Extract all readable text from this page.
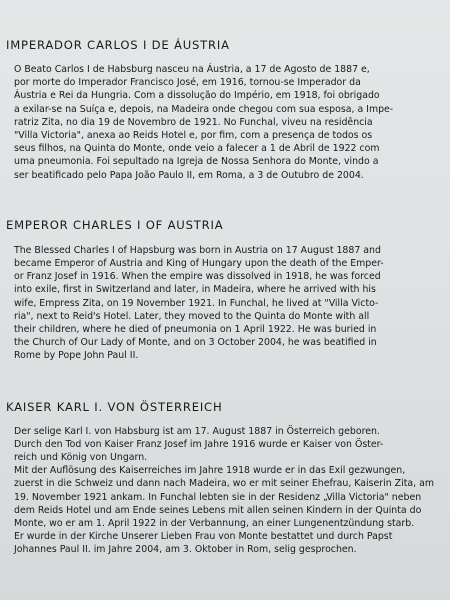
IMPERADOR CARLOS I DE ÁUSTRIA

O Beato Carlos I de Habsburg nasceu na Áustria, a 17 de Agosto de 1887 e,
por morte do Imperador Francisco José, em 1916, tornou-se Imperador da
Áustria e Rei da Hungria. Com a dissolução do Império, em 1918, foi obrigado
a exilar-se na Suíça e, depois, na Madeira onde chegou com sua esposa, a Impe-
ratriz Zita, no dia 19 de Novembro de 1921. No Funchal, viveu na residência
"Villa Victoria", anexa ao Reids Hotel e, por fim, com a presença de todos os
seus filhos, na Quinta do Monte, onde veio a falecer a 1 de Abril de 1922 com
uma pneumonia. Foi sepultado na Igreja de Nossa Senhora do Monte, vindo a
ser beatificado pelo Papa João Paulo II, em Roma, a 3 de Outubro de 2004.

EMPEROR CHARLES I OF AUSTRIA

The Blessed Charles I of Hapsburg was born in Austria on 17 August 1887 and
became Emperor of Austria and King of Hungary upon the death of the Emper-
or Franz Josef in 1916. When the empire was dissolved in 1918, he was forced
into exile, first in Switzerland and later, in Madeira, where he arrived with his
wife, Empress Zita, on 19 November 1921. In Funchal, he lived at "Villa Victo-
ria", next to Reid's Hotel. Later, they moved to the Quinta do Monte with all
their children, where he died of pneumonia on 1 April 1922. He was buried in
the Church of Our Lady of Monte, and on 3 October 2004, he was beatified in
Rome by Pope John Paul II.

KAISER KARL I. VON ÖSTERREICH

Der selige Karl I. von Habsburg ist am 17. August 1887 in Österreich geboren.
Durch den Tod von Kaiser Franz Josef im Jahre 1916 wurde er Kaiser von Öster-
reich und König von Ungarn.

Mit der Auflösung des Kaiserreiches im Jahre 1918 wurde er in das Exil gezwungen,
zuerst in die Schweiz und dann nach Madeira, wo er mit seiner Ehefrau, Kaiserin Zita, am
19. November 1921 ankam. In Funchal lebten sie in der Residenz „Villa Victoria" neben
dem Reids Hotel und am Ende seines Lebens mit allen seinen Kindern in der Quinta do
Monte, wo er am 1. April 1922 in der Verbannung, an einer Lungenentzündung starb.
Er wurde in der Kirche Unserer Lieben Frau von Monte bestattet und durch Papst
Johannes Paul II. im Jahre 2004, am 3. Oktober in Rom, selig gesprochen.
